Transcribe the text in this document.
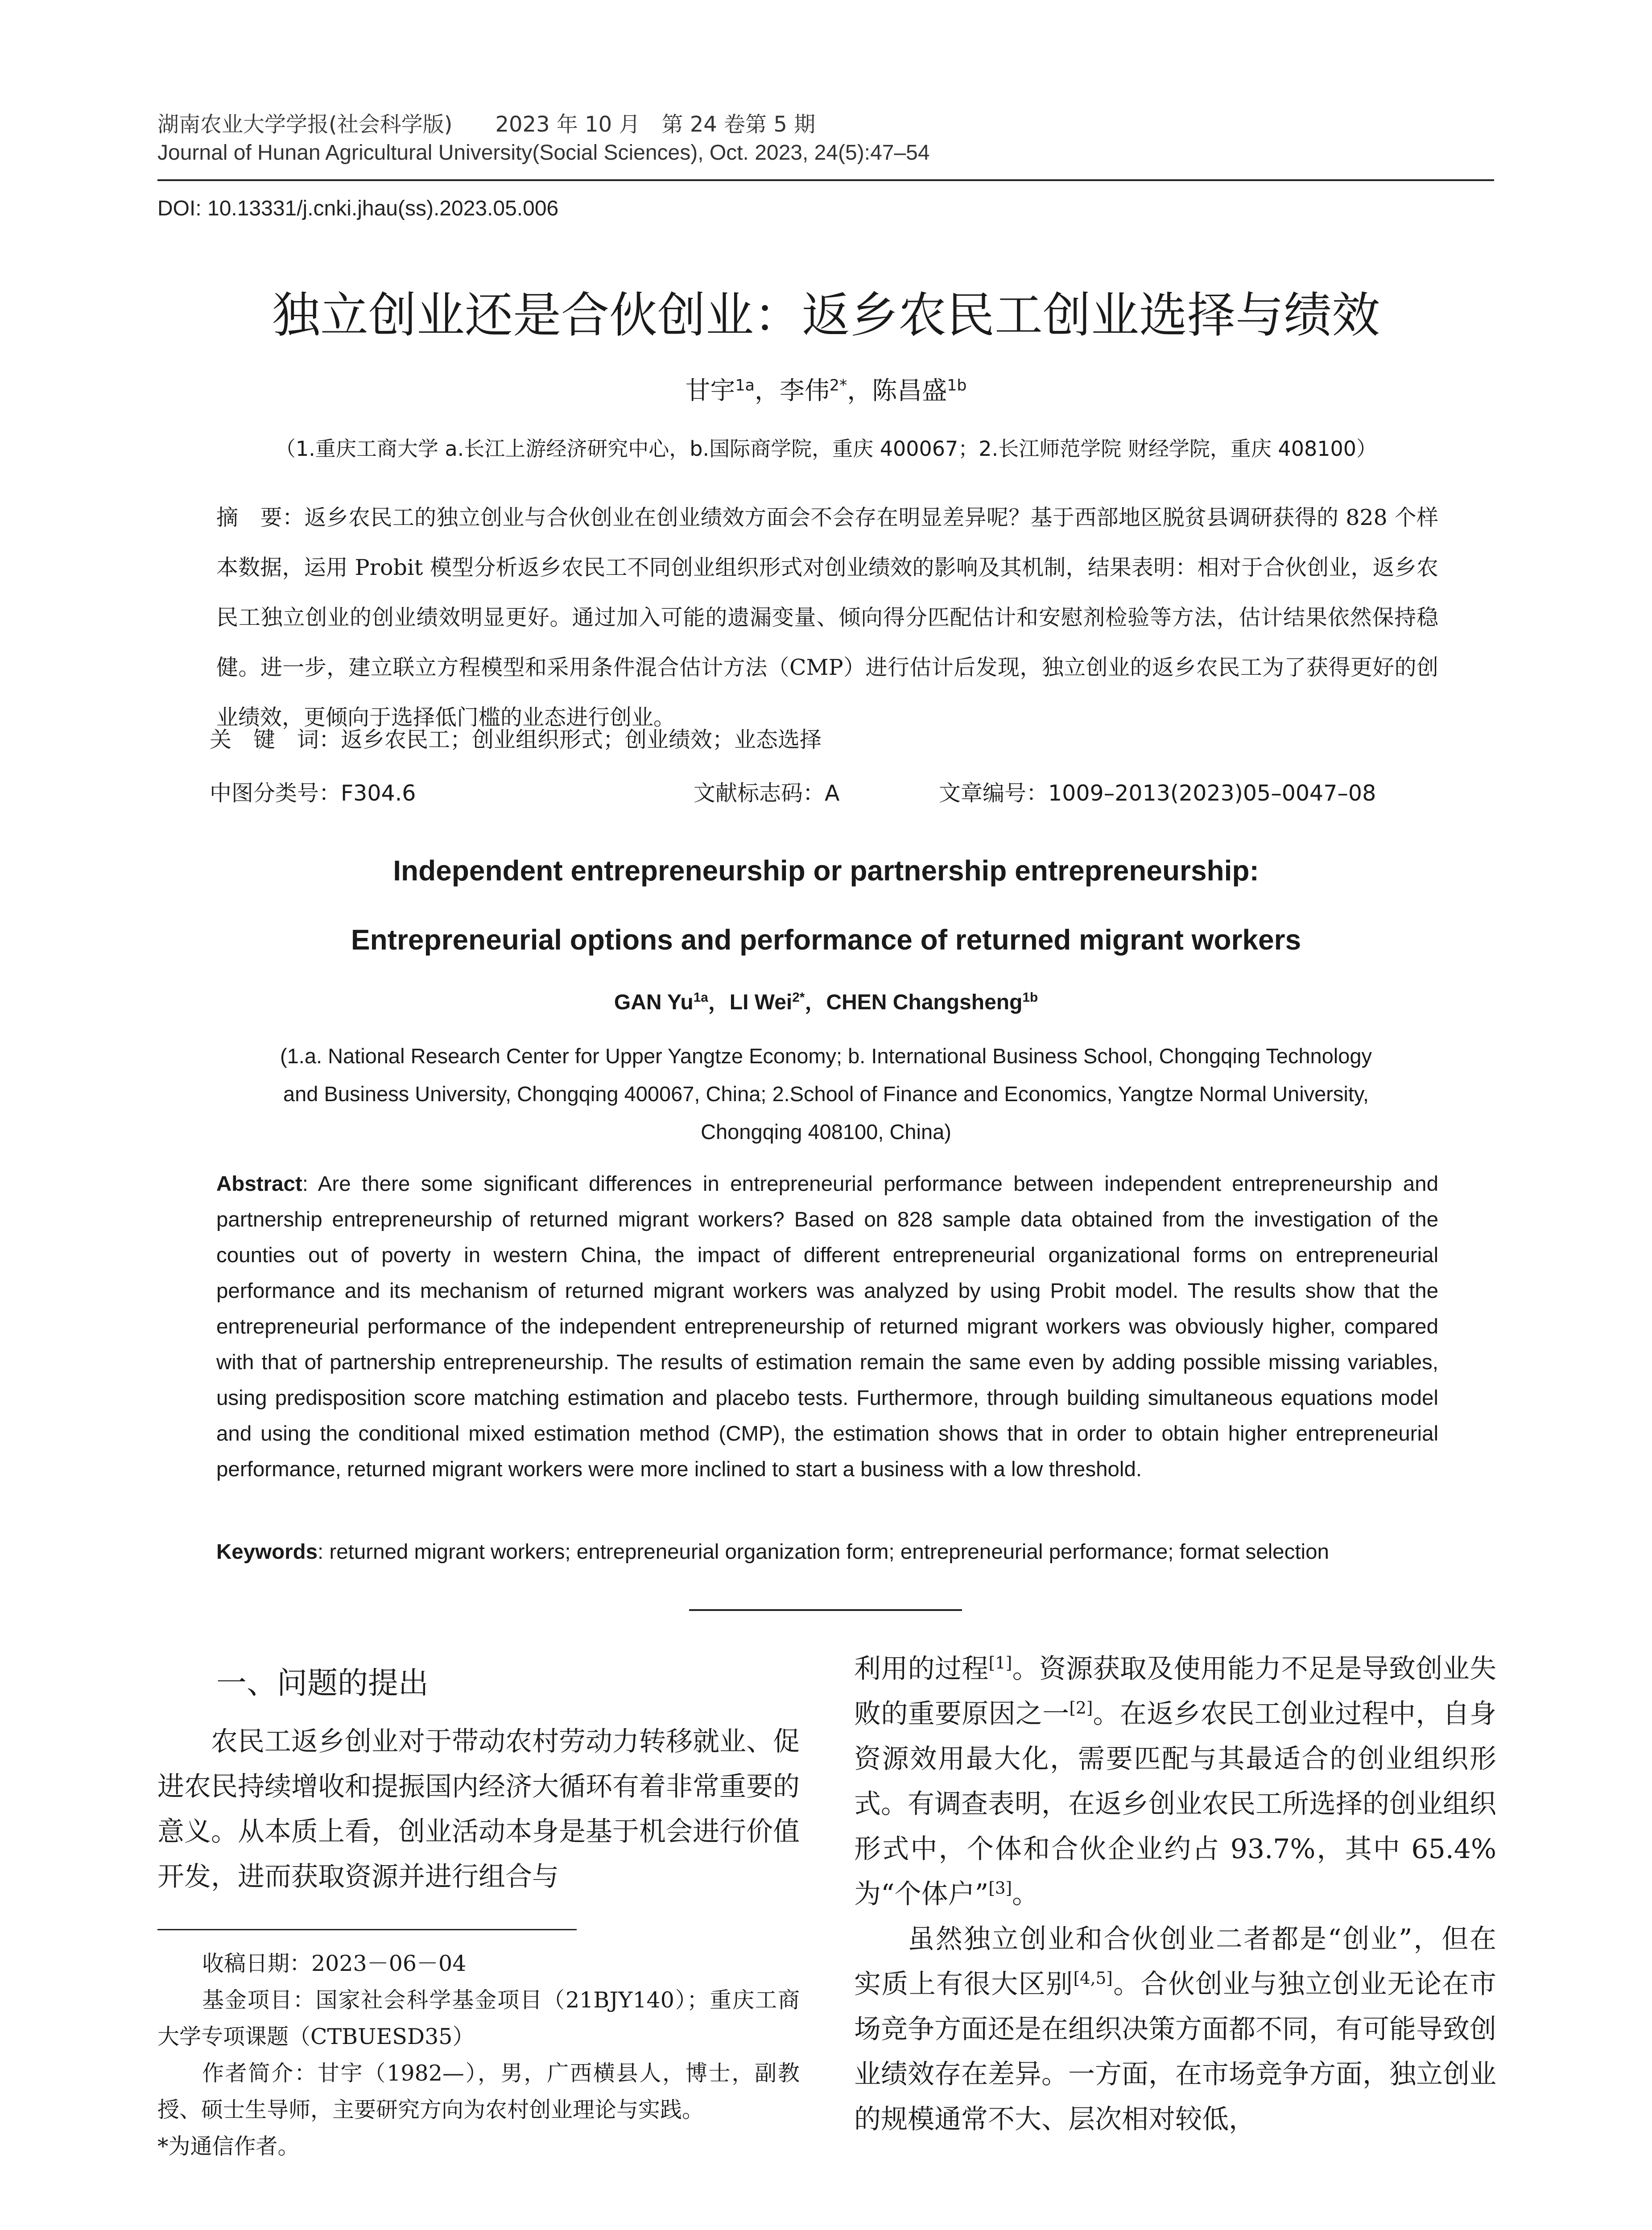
湖南农业大学学报(社会科学版)　　2023 年 10 月　第 24 卷第 5 期
Journal of Hunan Agricultural University(Social Sciences), Oct. 2023, 24(5):47–54
DOI: 10.13331/j.cnki.jhau(ss).2023.05.006
独立创业还是合伙创业：返乡农民工创业选择与绩效
甘宇$^{1a}$，李伟$^{2*}$，陈昌盛$^{1b}$
（1.重庆工商大学 a.长江上游经济研究中心，b.国际商学院，重庆 400067；2.长江师范学院 财经学院，重庆 408100）
摘　要：返乡农民工的独立创业与合伙创业在创业绩效方面会不会存在明显差异呢？基于西部地区脱贫县调研获得的 828 个样本数据，运用 Probit 模型分析返乡农民工不同创业组织形式对创业绩效的影响及其机制，结果表明：相对于合伙创业，返乡农民工独立创业的创业绩效明显更好。通过加入可能的遗漏变量、倾向得分匹配估计和安慰剂检验等方法，估计结果依然保持稳健。进一步，建立联立方程模型和采用条件混合估计方法（CMP）进行估计后发现，独立创业的返乡农民工为了获得更好的创业绩效，更倾向于选择低门槛的业态进行创业。
关　键　词：返乡农民工；创业组织形式；创业绩效；业态选择
中图分类号：F304.6	文献标志码：A	文章编号：1009–2013(2023)05–0047–08
Independent entrepreneurship or partnership entrepreneurship:
Entrepreneurial options and performance of returned migrant workers
GAN $Yu^{1a}$，LI Wei$^{2*}$，CHEN Changsheng$^{1b}$
(1.a. National Research Center for Upper Yangtze Economy; b. International Business School, Chongqing Technology
and Business University, Chongqing 400067, China; 2.School of Finance and Economics, Yangtze Normal University,
Chongqing 408100, China)
Abstract: Are there some significant differences in entrepreneurial performance between independent entrepreneurship and partnership entrepreneurship of returned migrant workers? Based on 828 sample data obtained from the investigation of the counties out of poverty in western China, the impact of different entrepreneurial organizational forms on entrepreneurial performance and its mechanism of returned migrant workers was analyzed by using Probit model. The results show that the entrepreneurial performance of the independent entrepreneurship of returned migrant workers was obviously higher, compared with that of partnership entrepreneurship. The results of estimation remain the same even by adding possible missing variables, using predisposition score matching estimation and placebo tests. Furthermore, through building simultaneous equations model and using the conditional mixed estimation method (CMP), the estimation shows that in order to obtain higher entrepreneurial performance, returned migrant workers were more inclined to start a business with a low threshold.
Keywords: returned migrant workers; entrepreneurial organization form; entrepreneurial performance; format selection
一、问题的提出

农民工返乡创业对于带动农村劳动力转移就业、促进农民持续增收和提振国内经济大循环有着非常重要的意义。从本质上看，创业活动本身是基于机会进行价值开发，进而获取资源并进行组合与

收稿日期：2023－06－04

基金项目：国家社会科学基金项目（21BJY140）；重庆工商大学专项课题（CTBUESD35）

作者简介：甘宇（1982—），男，广西横县人，博士，副教授、硕士生导师，主要研究方向为农村创业理论与实践。

*为通信作者。

利用的过程[1]。资源获取及使用能力不足是导致创业失败的重要原因之一[2]。在返乡农民工创业过程中，自身资源效用最大化，需要匹配与其最适合的创业组织形式。有调查表明，在返乡创业农民工所选择的创业组织形式中，个体和合伙企业约占 93.7%，其中 65.4%为“个体户”[3]。

虽然独立创业和合伙创业二者都是“创业”，但在实质上有很大区别[4,5]。合伙创业与独立创业无论在市场竞争方面还是在组织决策方面都不同，有可能导致创业绩效存在差异。一方面，在市场竞争方面，独立创业的规模通常不大、层次相对较低，
